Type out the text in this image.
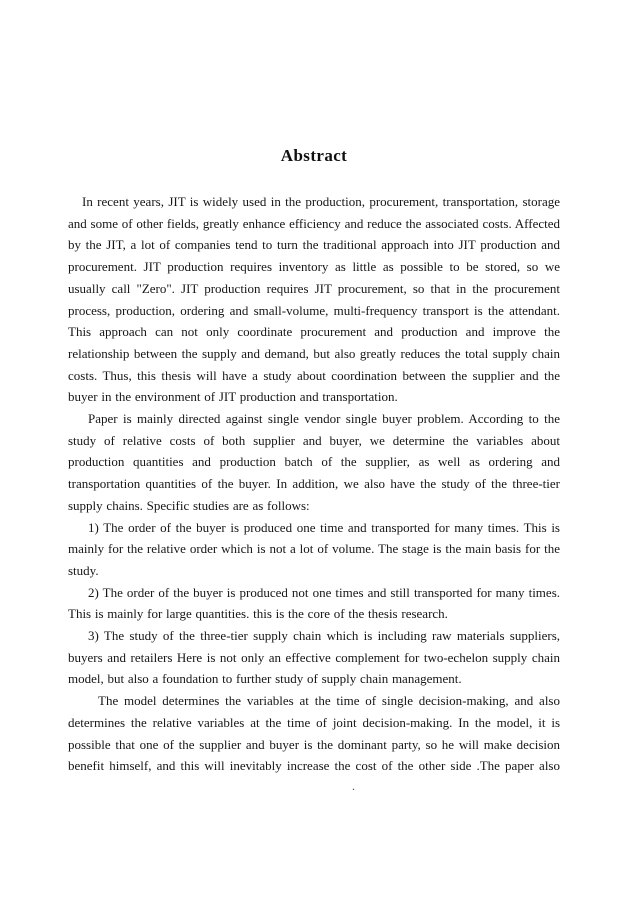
Abstract

In recent years, JIT is widely used in the production, procurement, transportation, storage and some of other fields, greatly enhance efficiency and reduce the associated costs. Affected by the JIT, a lot of companies tend to turn the traditional approach into JIT production and procurement. JIT production requires inventory as little as possible to be stored, so we usually call "Zero". JIT production requires JIT procurement, so that in the procurement process, production, ordering and small-volume, multi-frequency transport is the attendant. This approach can not only coordinate procurement and production and improve the relationship between the supply and demand, but also greatly reduces the total supply chain costs. Thus, this thesis will have a study about coordination between the supplier and the buyer in the environment of JIT production and transportation.

Paper is mainly directed against single vendor single buyer problem. According to the study of relative costs of both supplier and buyer, we determine the variables about production quantities and production batch of the supplier, as well as ordering and transportation quantities of the buyer. In addition, we also have the study of the three-tier supply chains. Specific studies are as follows:

1) The order of the buyer is produced one time and transported for many times. This is mainly for the relative order which is not a lot of volume. The stage is the main basis for the study.

2) The order of the buyer is produced not one times and still transported for many times. This is mainly for large quantities. this is the core of the thesis research.

3) The study of the three-tier supply chain which is including raw materials suppliers, buyers and retailers Here is not only an effective complement for two-echelon supply chain model, but also a foundation to further study of supply chain management.

The model determines the variables at the time of single decision-making, and also determines the relative variables at the time of joint decision-making. In the model, it is possible that one of the supplier and buyer is the dominant party, so he will make decision benefit himself, and this will inevitably increase the cost of the other side .The paper also

.
